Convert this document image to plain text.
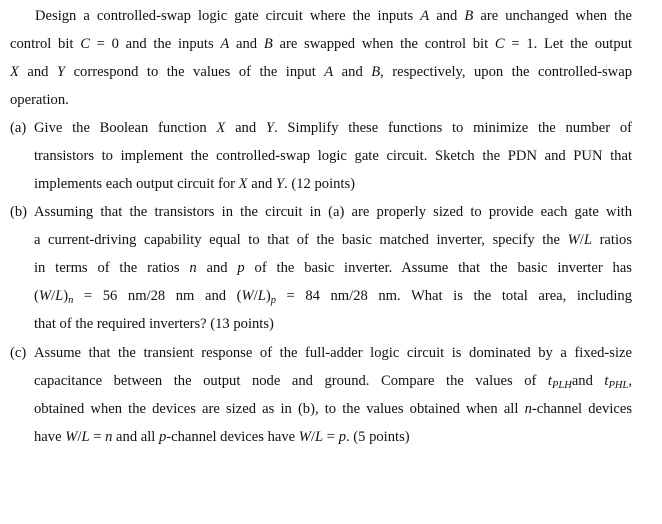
Design a controlled-swap logic gate circuit where the inputs A and B are unchanged when the
control bit C = 0 and the inputs A and B are swapped when the control bit C = 1. Let the output
X and Y correspond to the values of the input A and B, respectively, upon the controlled-swap
operation.
(a) Give the Boolean function X and Y. Simplify these functions to minimize the number of
transistors to implement the controlled-swap logic gate circuit. Sketch the PDN and PUN that
implements each output circuit for X and Y. (12 points)
(b) Assuming that the transistors in the circuit in (a) are properly sized to provide each gate with
a current-driving capability equal to that of the basic matched inverter, specify the W/L ratios
in terms of the ratios n and p of the basic inverter. Assume that the basic inverter has
$(W/L)_n = 56$ nm/28 nm and $(W/L)_p = 84$ nm/28 nm. What is the total area, including
that of the required inverters? (13 points)
(c) Assume that the transient response of the full-adder logic circuit is dominated by a fixed-size
capacitance between the output node and ground. Compare the values of $t_{PLH}and$ $t_{PHL}$,
obtained when the devices are sized as in (b), to the values obtained when all n-channel devices
have W/L = n and all p-channel devices have W/L = p. (5 points)
